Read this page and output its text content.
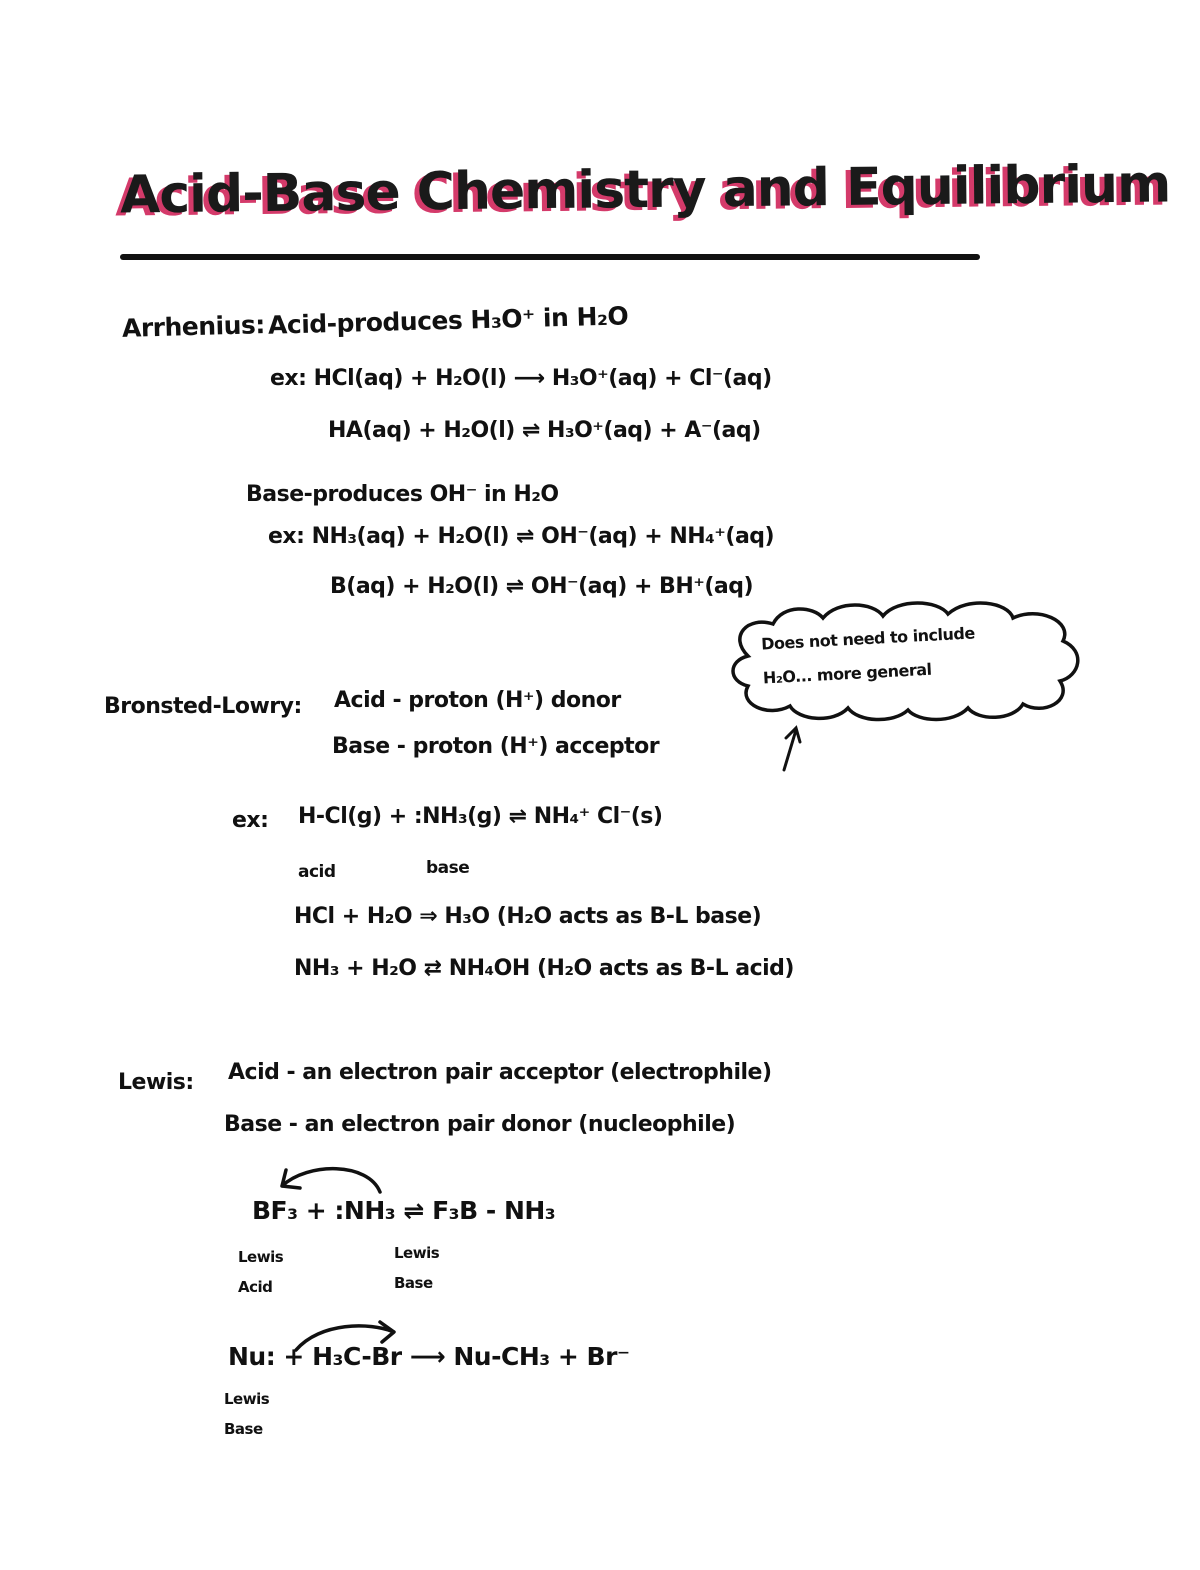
Acid-Base Chemistry and Equilibrium
Arrhenius: Acid-produces H₃O⁺ in H₂O
ex: HCl(aq) + H₂O(l) ⟶ H₃O⁺(aq) + Cl⁻(aq)
HA(aq) + H₂O(l) ⇌ H₃O⁺(aq) + A⁻(aq)
Base-produces OH⁻ in H₂O
ex: NH₃(aq) + H₂O(l) ⇌ OH⁻(aq) + NH₄⁺(aq)
B(aq) + H₂O(l) ⇌ OH⁻(aq) + BH⁺(aq)
Does not need to include
H₂O... more general
Bronsted-Lowry: Acid - proton (H⁺) donor
Base - proton (H⁺) acceptor
ex: H-Cl(g) + :NH₃(g) ⇌ NH₄⁺ Cl⁻(s)
acid	base
HCl + H₂O ⇒ H₃O (H₂O acts as B-L base)
NH₃ + H₂O ⇄ NH₄OH (H₂O acts as B-L acid)
Lewis: Acid - an electron pair acceptor (electrophile)
Base - an electron pair donor (nucleophile)
BF₃ + :NH₃ ⇌ F₃B - NH₃
Lewis
Acid
Lewis
Base
Nu: + H₃C-Br ⟶ Nu-CH₃ + Br⁻
Lewis
Base
